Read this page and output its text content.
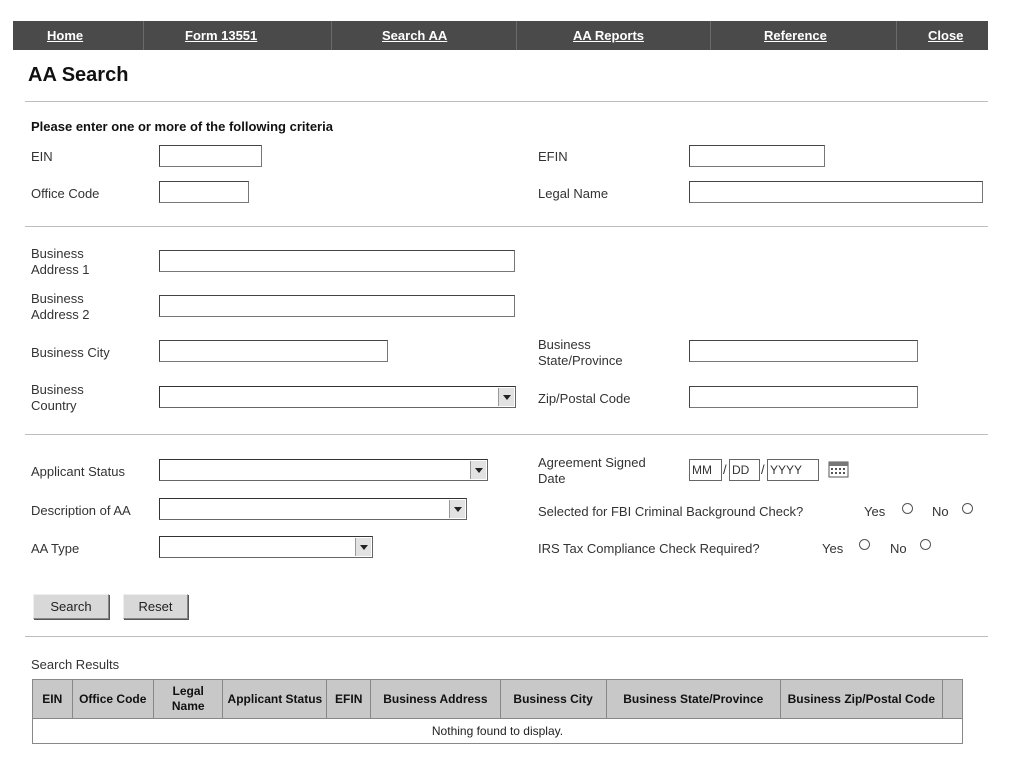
Home	Form 13551	Search AA	AA Reports	Reference	Close
AA Search
Please enter one or more of the following criteria
EIN	EFIN
Office Code	Legal Name
Business
Address 1
Business
Address 2
Business City
Business
State/Province
Business
Country	Zip/Postal Code
Applicant Status
Agreement Signed
Date
MM / DD / YYYY
Description of AA	Selected for FBI Criminal Background Check?	Yes	No
AA Type	IRS Tax Compliance Check Required?	Yes	No
Search	Reset
Search Results
EIN	Office Code	Legal Name	Applicant Status	EFIN	Business Address	Business City	Business State/Province	Business Zip/Postal Code	
Nothing found to display.
